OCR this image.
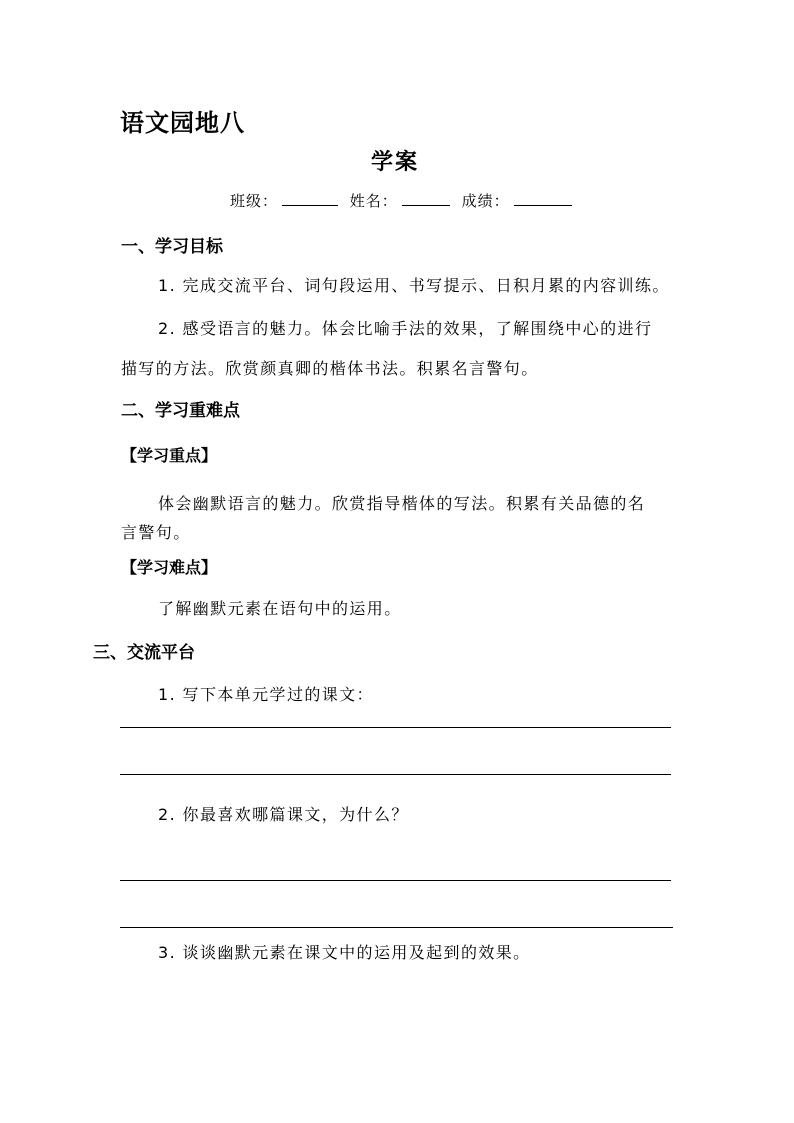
语文园地八
学案
班级：	姓名：	成绩：
一、学习目标
1. 完成交流平台、词句段运用、书写提示、日积月累的内容训练。
2. 感受语言的魅力。体会比喻手法的效果，了解围绕中心的进行
描写的方法。欣赏颜真卿的楷体书法。积累名言警句。
二、学习重难点
【学习重点】
体会幽默语言的魅力。欣赏指导楷体的写法。积累有关品德的名
言警句。
【学习难点】
了解幽默元素在语句中的运用。
三、交流平台
1. 写下本单元学过的课文：
2. 你最喜欢哪篇课文，为什么？
3. 谈谈幽默元素在课文中的运用及起到的效果。
